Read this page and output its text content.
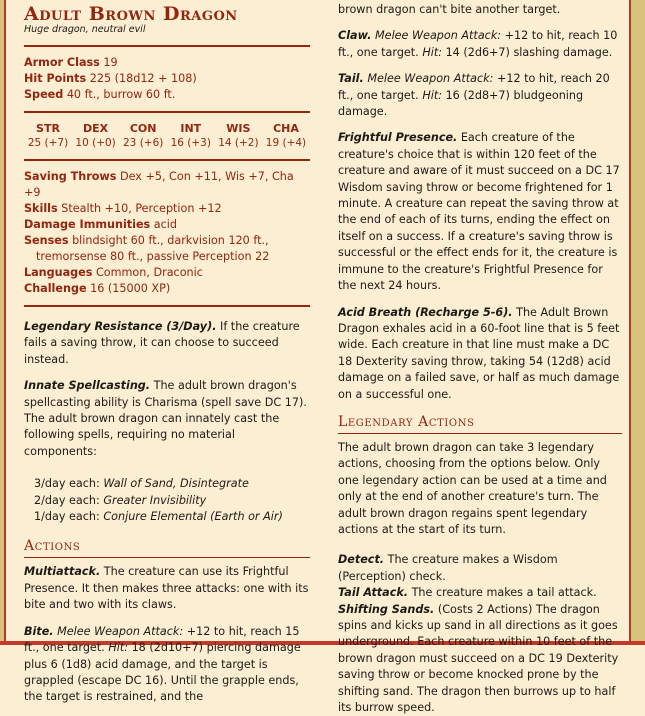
Adult Brown Dragon
Huge dragon, neutral evil
Armor Class 19
Hit Points 225 (18d12 + 108)
Speed 40 ft., burrow 60 ft.
STR
25 (+7)
DEX
10 (+0)
CON
23 (+6)
INT
16 (+3)
WIS
14 (+2)
CHA
19 (+4)
Saving Throws Dex +5, Con +11, Wis +7, Cha +9
Skills Stealth +10, Perception +12
Damage Immunities acid
Senses blindsight 60 ft., darkvision 120 ft., tremorsense 80 ft., passive Perception 22
Languages Common, Draconic
Challenge 16 (15000 XP)

Legendary Resistance (3/Day). If the creature fails a saving throw, it can choose to succeed instead.

Innate Spellcasting. The adult brown dragon's spellcasting ability is Charisma (spell save DC 17). The adult brown dragon can innately cast the following spells, requiring no material components:

3/day each: Wall of Sand, Disintegrate
2/day each: Greater Invisibility
1/day each: Conjure Elemental (Earth or Air)
Actions

Multiattack. The creature can use its Frightful Presence. It then makes three attacks: one with its bite and two with its claws.

Bite. Melee Weapon Attack: +12 to hit, reach 15 ft., one target. Hit: 18 (2d10+7) piercing damage plus 6 (1d8) acid damage, and the target is grappled (escape DC 16). Until the grapple ends, the target is restrained, and the

brown dragon can't bite another target.

Claw. Melee Weapon Attack: +12 to hit, reach 10 ft., one target. Hit: 14 (2d6+7) slashing damage.

Tail. Melee Weapon Attack: +12 to hit, reach 20 ft., one target. Hit: 16 (2d8+7) bludgeoning damage.

Frightful Presence. Each creature of the creature's choice that is within 120 feet of the creature and aware of it must succeed on a DC 17 Wisdom saving throw or become frightened for 1 minute. A creature can repeat the saving throw at the end of each of its turns, ending the effect on itself on a success. If a creature's saving throw is successful or the effect ends for it, the creature is immune to the creature's Frightful Presence for the next 24 hours.

Acid Breath (Recharge 5-6). The Adult Brown Dragon exhales acid in a 60-foot line that is 5 feet wide. Each creature in that line must make a DC 18 Dexterity saving throw, taking 54 (12d8) acid damage on a failed save, or half as much damage on a successful one.

Legendary Actions

The adult brown dragon can take 3 legendary actions, choosing from the options below. Only one legendary action can be used at a time and only at the end of another creature's turn. The adult brown dragon regains spent legendary actions at the start of its turn.

Detect. The creature makes a Wisdom (Perception) check.
Tail Attack. The creature makes a tail attack.
Shifting Sands. (Costs 2 Actions) The dragon spins and kicks up sand in all directions as it goes underground. Each creature within 10 feet of the brown dragon must succeed on a DC 19 Dexterity saving throw or become knocked prone by the shifting sand. The dragon then burrows up to half its burrow speed.
